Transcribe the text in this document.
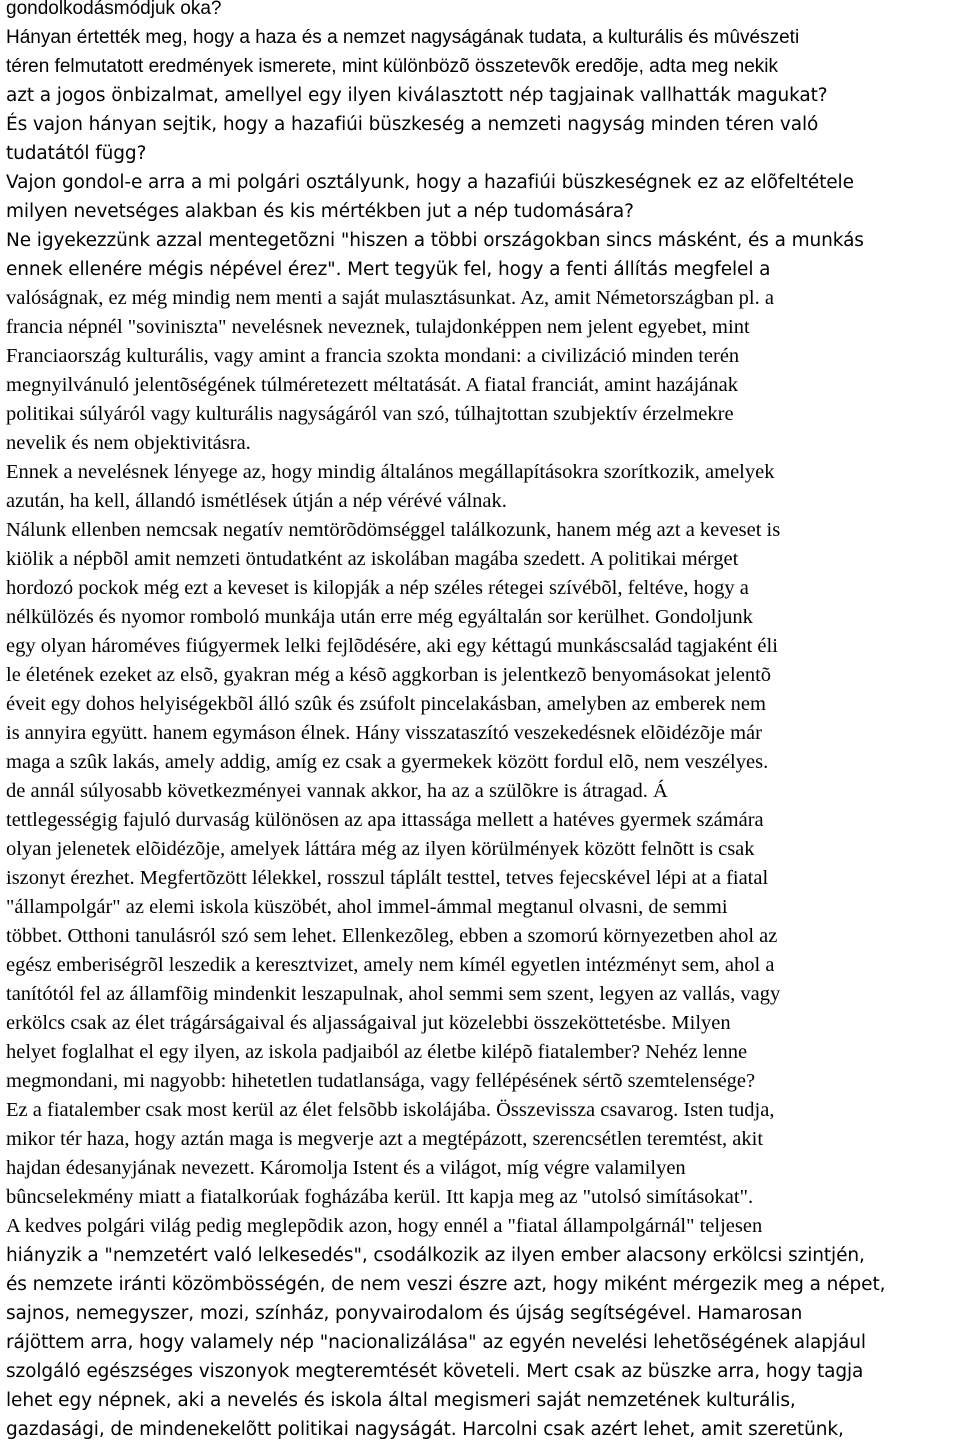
gondolkodásmódjuk oka?
Hányan értették meg, hogy a haza és a nemzet nagyságának tudata, a kulturális és mûvészeti
téren felmutatott eredmények ismerete, mint különbözõ összetevõk eredõje, adta meg nekik
azt a jogos önbizalmat, amellyel egy ilyen kiválasztott nép tagjainak vallhatták magukat?
És vajon hányan sejtik, hogy a hazafiúi büszkeség a nemzeti nagyság minden téren való
tudatától függ?
Vajon gondol-e arra a mi polgári osztályunk, hogy a hazafiúi büszkeségnek ez az elõfeltétele
milyen nevetséges alakban és kis mértékben jut a nép tudomására?
Ne igyekezzünk azzal mentegetõzni "hiszen a többi országokban sincs másként, és a munkás
ennek ellenére mégis népével érez". Mert tegyük fel, hogy a fenti állítás megfelel a
valóságnak, ez még mindig nem menti a saját mulasztásunkat. Az, amit Németországban pl. a
francia népnél "soviniszta" nevelésnek neveznek, tulajdonképpen nem jelent egyebet, mint
Franciaország kulturális, vagy amint a francia szokta mondani: a civilizáció minden terén
megnyilvánuló jelentõségének túlméretezett méltatását. A fiatal franciát, amint hazájának
politikai súlyáról vagy kulturális nagyságáról van szó, túlhajtottan szubjektív érzelmekre
nevelik és nem objektivitásra.
Ennek a nevelésnek lényege az, hogy mindig általános megállapításokra szorítkozik, amelyek
azután, ha kell, állandó ismétlések útján a nép vérévé válnak.
Nálunk ellenben nemcsak negatív nemtörõdömséggel találkozunk, hanem még azt a keveset is
kiölik a népbõl amit nemzeti öntudatként az iskolában magába szedett. A politikai mérget
hordozó pockok még ezt a keveset is kilopják a nép széles rétegei szívébõl, feltéve, hogy a
nélkülözés és nyomor romboló munkája után erre még egyáltalán sor kerülhet. Gondoljunk
egy olyan hároméves fiúgyermek lelki fejlõdésére, aki egy kéttagú munkáscsalád tagjaként éli
le életének ezeket az elsõ, gyakran még a késõ aggkorban is jelentkezõ benyomásokat jelentõ
éveit egy dohos helyiségekbõl álló szûk és zsúfolt pincelakásban, amelyben az emberek nem
is annyira együtt. hanem egymáson élnek. Hány visszataszító veszekedésnek elõidézõje már
maga a szûk lakás, amely addig, amíg ez csak a gyermekek között fordul elõ, nem veszélyes.
de annál súlyosabb következményei vannak akkor, ha az a szülõkre is átragad. Á
tettlegességig fajuló durvaság különösen az apa ittassága mellett a hatéves gyermek számára
olyan jelenetek elõidézõje, amelyek láttára még az ilyen körülmények között felnõtt is csak
iszonyt érezhet. Megfertõzött lélekkel, rosszul táplált testtel, tetves fejecskével lépi at a fiatal
"állampolgár" az elemi iskola küszöbét, ahol immel-ámmal megtanul olvasni, de semmi
többet. Otthoni tanulásról szó sem lehet. Ellenkezõleg, ebben a szomorú környezetben ahol az
egész emberiségrõl leszedik a keresztvizet, amely nem kímél egyetlen intézményt sem, ahol a
tanítótól fel az államfõig mindenkit leszapulnak, ahol semmi sem szent, legyen az vallás, vagy
erkölcs csak az élet trágárságaival és aljasságaival jut közelebbi összeköttetésbe. Milyen
helyet foglalhat el egy ilyen, az iskola padjaiból az életbe kilépõ fiatalember? Nehéz lenne
megmondani, mi nagyobb: hihetetlen tudatlansága, vagy fellépésének sértõ szemtelensége?
Ez a fiatalember csak most kerül az élet felsõbb iskolájába. Összevissza csavarog. Isten tudja,
mikor tér haza, hogy aztán maga is megverje azt a megtépázott, szerencsétlen teremtést, akit
hajdan édesanyjának nevezett. Káromolja Istent és a világot, míg végre valamilyen
bûncselekmény miatt a fiatalkorúak fogházába kerül. Itt kapja meg az "utolsó simításokat".
A kedves polgári világ pedig meglepõdik azon, hogy ennél a "fiatal állampolgárnál" teljesen
hiányzik a "nemzetért való lelkesedés", csodálkozik az ilyen ember alacsony erkölcsi szintjén,
és nemzete iránti közömbösségén, de nem veszi észre azt, hogy miként mérgezik meg a népet,
sajnos, nemegyszer, mozi, színház, ponyvairodalom és újság segítségével. Hamarosan
rájöttem arra, hogy valamely nép "nacionalizálása" az egyén nevelési lehetõségének alapjául
szolgáló egészséges viszonyok megteremtését követeli. Mert csak az büszke arra, hogy tagja
lehet egy népnek, aki a nevelés és iskola által megismeri saját nemzetének kulturális,
gazdasági, de mindenekelõtt politikai nagyságát. Harcolni csak azért lehet, amit szeretünk,
